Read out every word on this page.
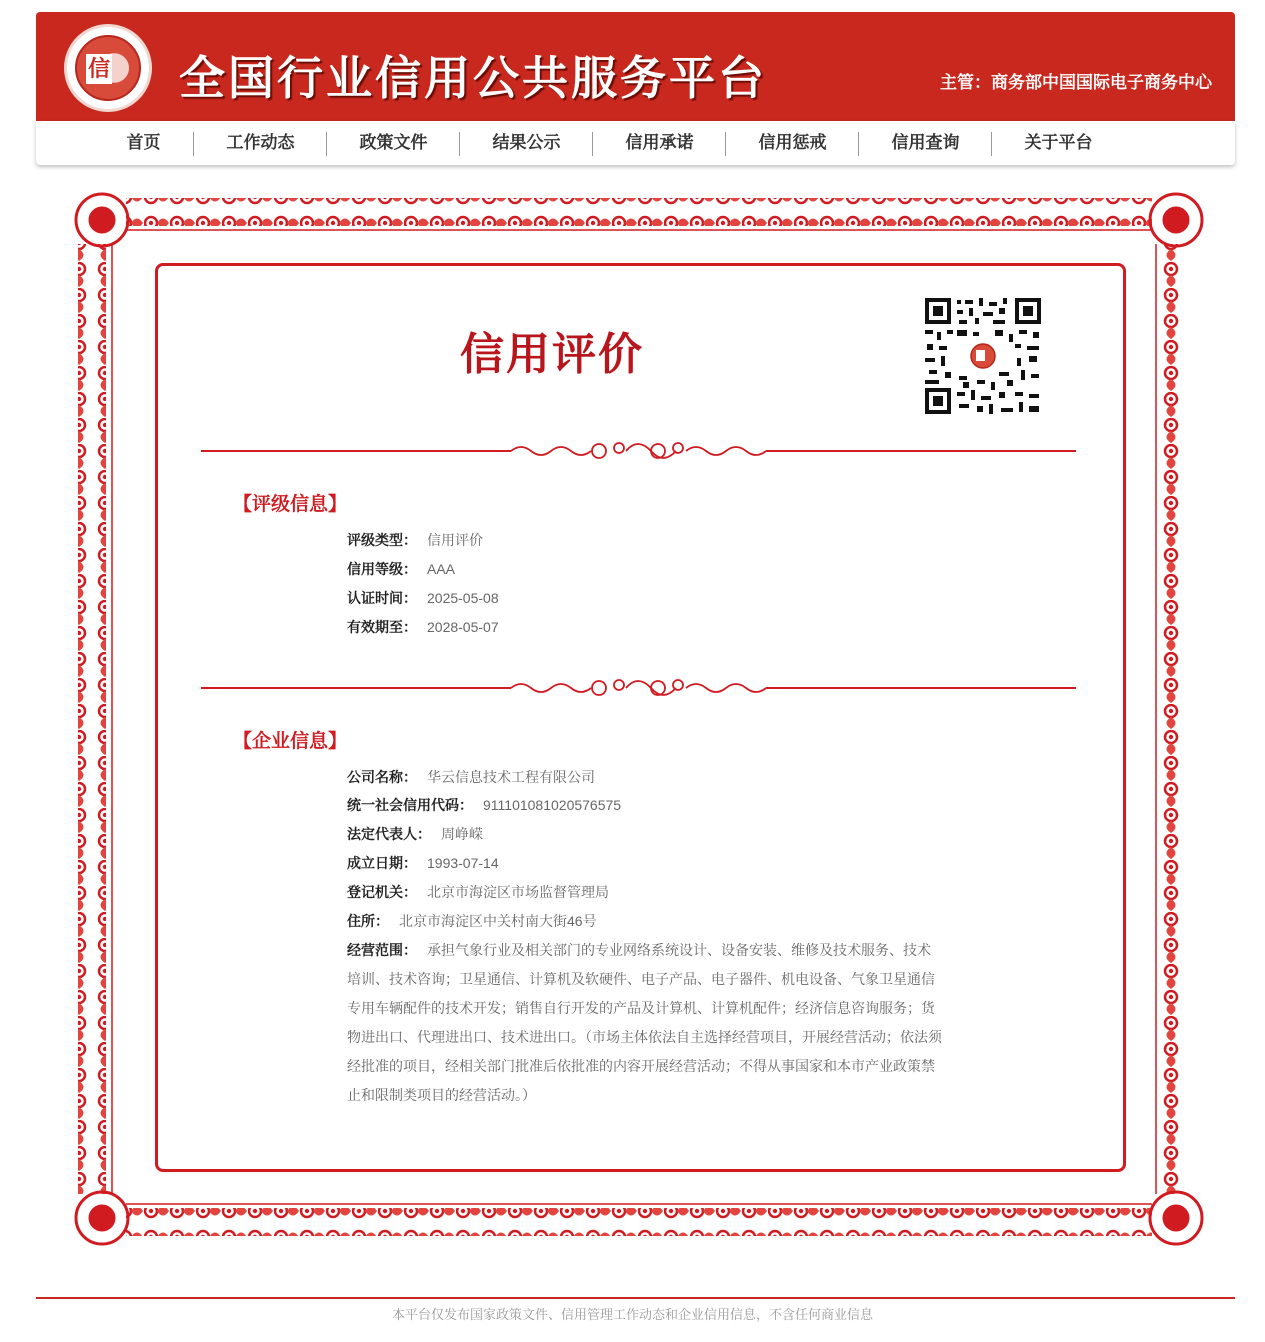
信 全国行业信用公共服务平台	主管：商务部中国国际电子商务中心
首页	工作动态	政策文件	结果公示	信用承诺	信用惩戒	信用查询	关于平台
信用评价
【评级信息】
评级类型： 信用评价
信用等级： AAA
认证时间： 2025-05-08
有效期至： 2028-05-07
【企业信息】
公司名称： 华云信息技术工程有限公司
统一社会信用代码： 911101081020576575
法定代表人： 周峥嵘
成立日期： 1993-07-14
登记机关： 北京市海淀区市场监督管理局
住所： 北京市海淀区中关村南大街46号
经营范围： 承担气象行业及相关部门的专业网络系统设计、设备安装、维修及技术服务、技术培训、技术咨询；卫星通信、计算机及软硬件、电子产品、电子器件、机电设备、气象卫星通信专用车辆配件的技术开发；销售自行开发的产品及计算机、计算机配件；经济信息咨询服务；货物进出口、代理进出口、技术进出口。（市场主体依法自主选择经营项目，开展经营活动；依法须经批准的项目，经相关部门批准后依批准的内容开展经营活动；不得从事国家和本市产业政策禁止和限制类项目的经营活动。）
本平台仅发布国家政策文件、信用管理工作动态和企业信用信息，不含任何商业信息
